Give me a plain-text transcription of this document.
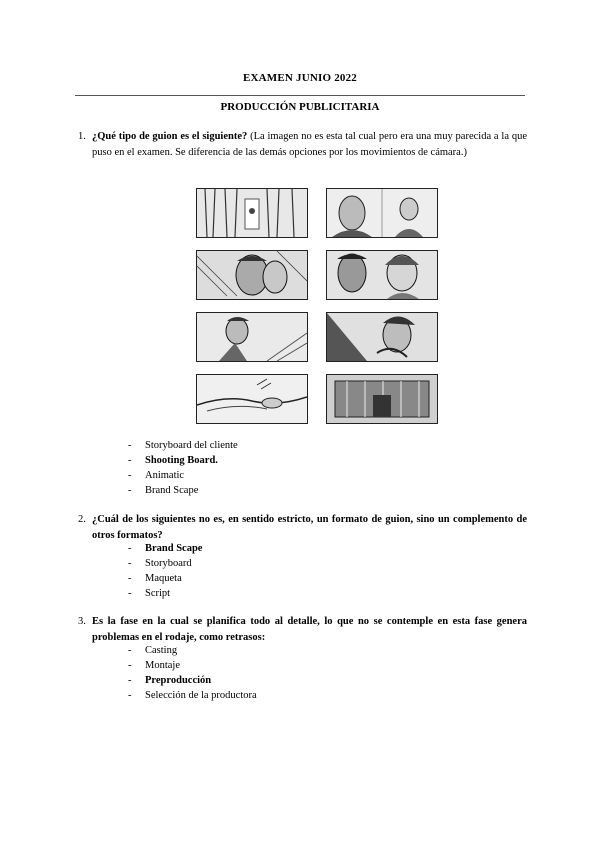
EXAMEN JUNIO 2022
PRODUCCIÓN PUBLICITARIA
1. ¿Qué tipo de guion es el siguiente? (La imagen no es esta tal cual pero era una muy parecida a la que puso en el examen. Se diferencia de las demás opciones por los movimientos de cámara.)
- Storyboard del cliente
- Shooting Board.
- Animatic
- Brand Scape
2. ¿Cuál de los siguientes no es, en sentido estricto, un formato de guion, sino un complemento de otros formatos?
- Brand Scape
- Storyboard
- Maqueta
- Script
3. Es la fase en la cual se planifica todo al detalle, lo que no se contemple en esta fase genera problemas en el rodaje, como retrasos:
- Casting
- Montaje
- Preproducción
- Selección de la productora
